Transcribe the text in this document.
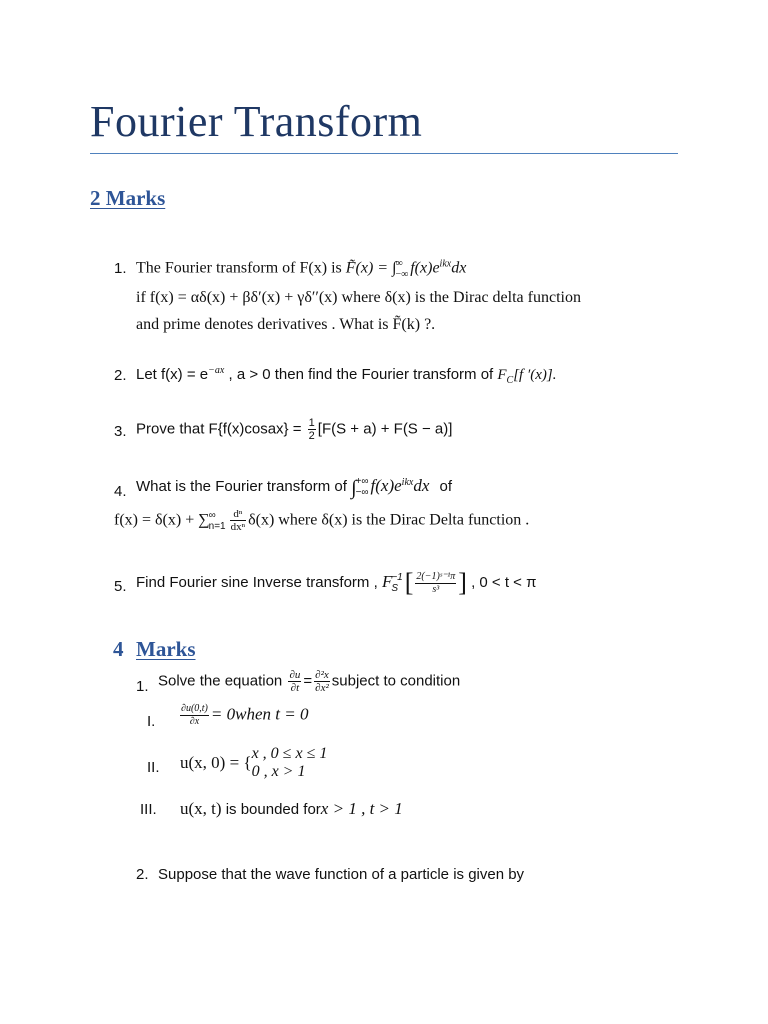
Fourier Transform
2 Marks
1. The Fourier transform of F(x) is F̃(x) = ∫ ∞
−∞ $f(x)e^{ikx}dx$
if f(x) = αδ(x) + βδ′(x) + γδ′′(x) where δ(x) is the Dirac delta function
and prime denotes derivatives . What is F̃(k) ?.
2. Let $f(x) = e^{-ax}$ , a > 0 then find the Fourier transform of $F_C[f$ ′(x)].
3. Prove that F{f(x)cosax} = $\frac{1}{2} [F(S + a) + F(S - a)]$
4. What is the Fourier transform of ∫ +∞
−∞ $f(x)e^{ikx}dx$ of
f(x) = δ(x) + ∑ ∞
$n=1 \frac{\text{dⁿ}}{\text{dxⁿ}} \delta(x)$ where δ(x) is the Dirac Delta function .
5. Find Fourier sine Inverse transform , F −1
S [ $\frac{\text{2(−1)ˢ⁻¹π}}{\text{s³}}$ ] , 0 < t < π
4 Marks
1. Solve the equation $\frac{\partial u}{\partial t} = \frac{\text{∂²x}}{\text{∂x²}}$ subject to condition
I. $\frac{\partial u(0,t)}{\partial x}$ = 0when t = 0
II. u(x, 0) = { x , 0 ≤ x ≤ 1
0 , x > 1
III. u(x, t) is bounded forx > 1 , t > 1
2. Suppose that the wave function of a particle is given by
